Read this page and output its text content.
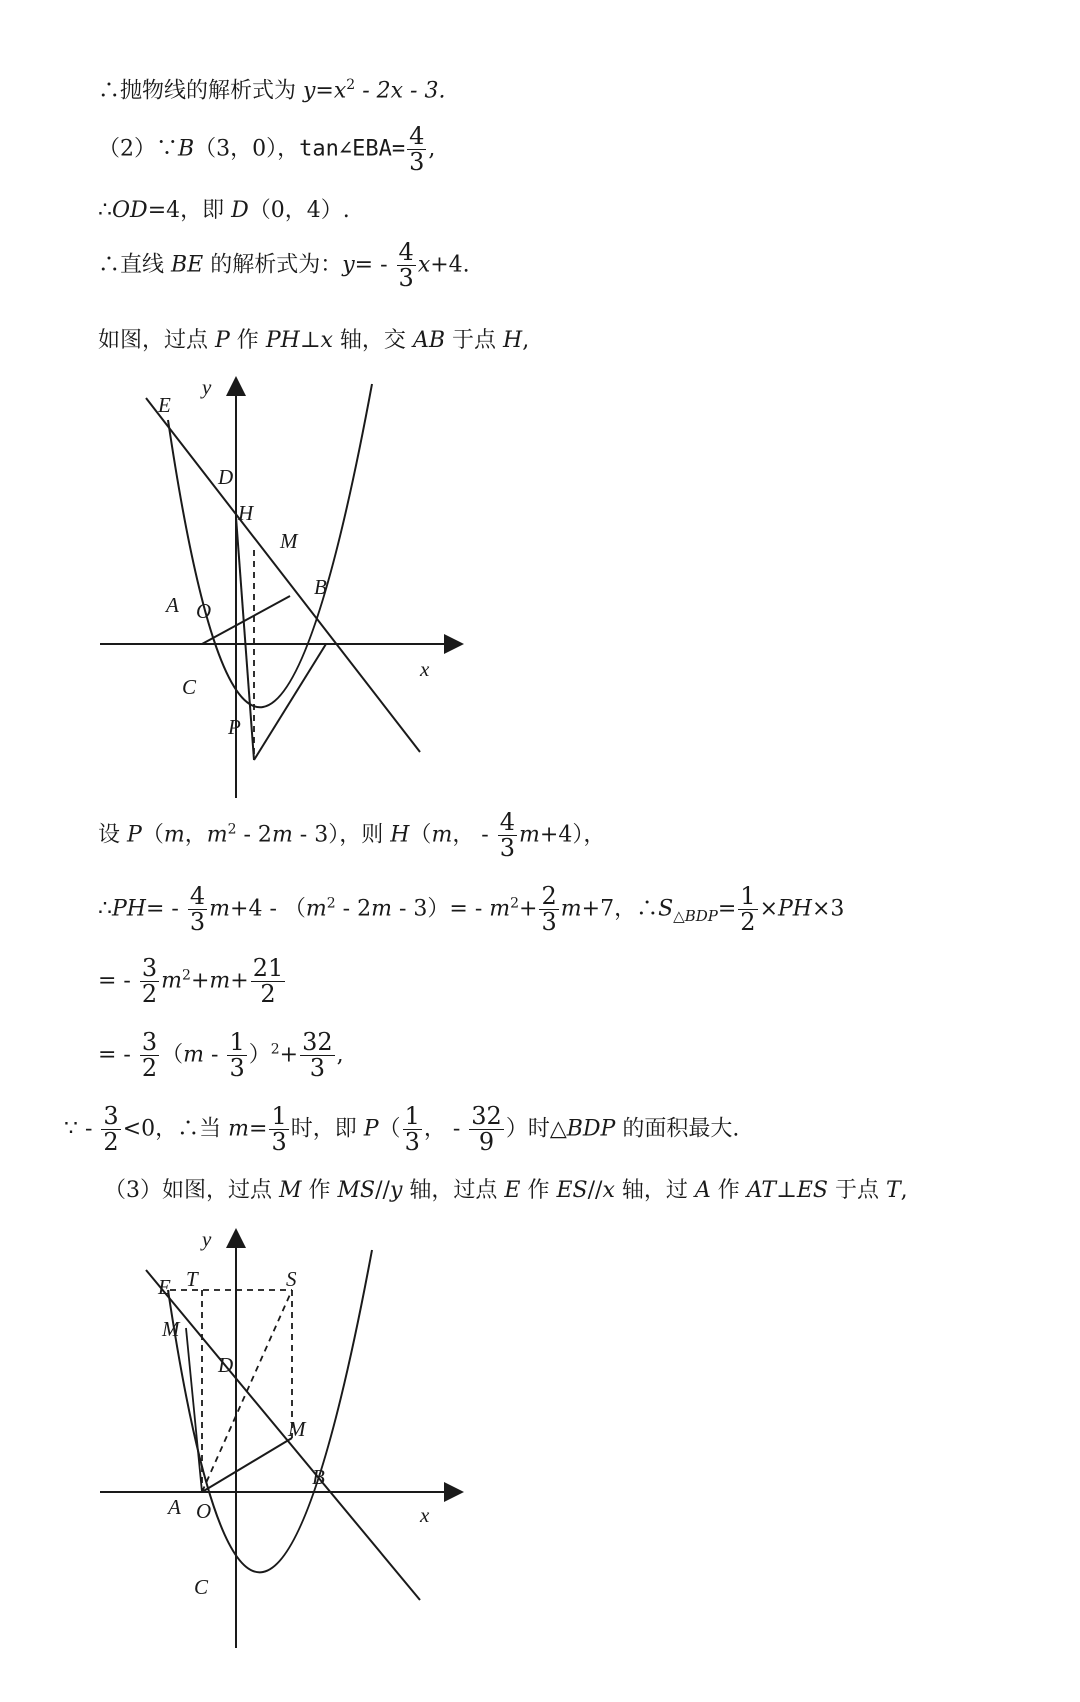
∴抛物线的解析式为 $y=x^2 - 2x - 3$.
（2）∵B（3，0），tan∠EBA= $\frac{4}{3}$ ,
∴OD=4，即 D（0，4）.
∴直线 BE 的解析式为：$y= - \frac{4}{3} x+4$.
如图，过点 P 作 PH⊥x 轴，交 AB 于点 H,
y
x
E
D
H
M
B
A O
C
P
设 P（m，$m^2 - 2m - 3$），则 H（m， - $\frac{4}{3} m+4$），
∴PH= - $\frac{4}{3} m+4 - (m^2 - 2m - 3)= - m^2+ \frac{2}{3} m+7$，$\therefore S_{\triangle BDP}= \frac{1}{2} \times PH\times 3$
= - $\frac{3}{2} m^2+m+ \frac{21}{2}$
= - $\frac{3}{2} (m - \frac{1}{3} )^2+ \frac{32}{3}$ ,
∵ - $\frac{3}{2} <0$，∴当 $m= \frac{1}{3}$ 时，即 $P( \frac{1}{3}$ ， - $\frac{32}{9}$ ）时△BDP 的面积最大.
（3）如图，过点 M 作 MS//y 轴，过点 E 作 ES//x 轴，过 A 作 AT⊥ES 于点 T,
y
x
E T	S
M
D
M
B
A O
C
